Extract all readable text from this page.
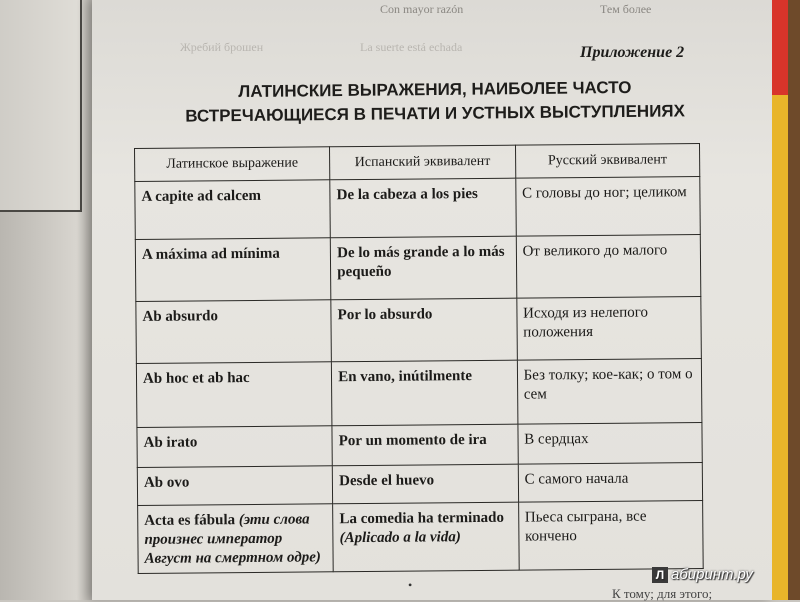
Con mayor razón	Тем более
Жребий брошен	La suerte está echada	Приложение 2
ЛАТИНСКИЕ ВЫРАЖЕНИЯ, НАИБОЛЕЕ ЧАСТО
ВСТРЕЧАЮЩИЕСЯ В ПЕЧАТИ И УСТНЫХ ВЫСТУПЛЕНИЯХ
Латинское выражение	Испанский эквивалент	Русский эквивалент
A capite ad calcem	De la cabeza a los pies	С головы до ног; целиком
A máxima ad mínima	De lo más grande a lo más pequeño	От великого до малого
Ab absurdo	Por lo absurdo	Исходя из нелепого положения
Ab hoc et ab hac	En vano, inútilmente	Без толку; кое-как; о том о сем
Ab irato	Por un momento de ira	В сердцах
Ab ovo	Desde el huevo	С самого начала
Acta es fábula (эти слова произнес император Август на смертном одре)	La comedia ha terminado (Aplicado a la vida)	Пьеса сыграна, все кончено
•
К тому; для этого;
Л абиринт.ру
